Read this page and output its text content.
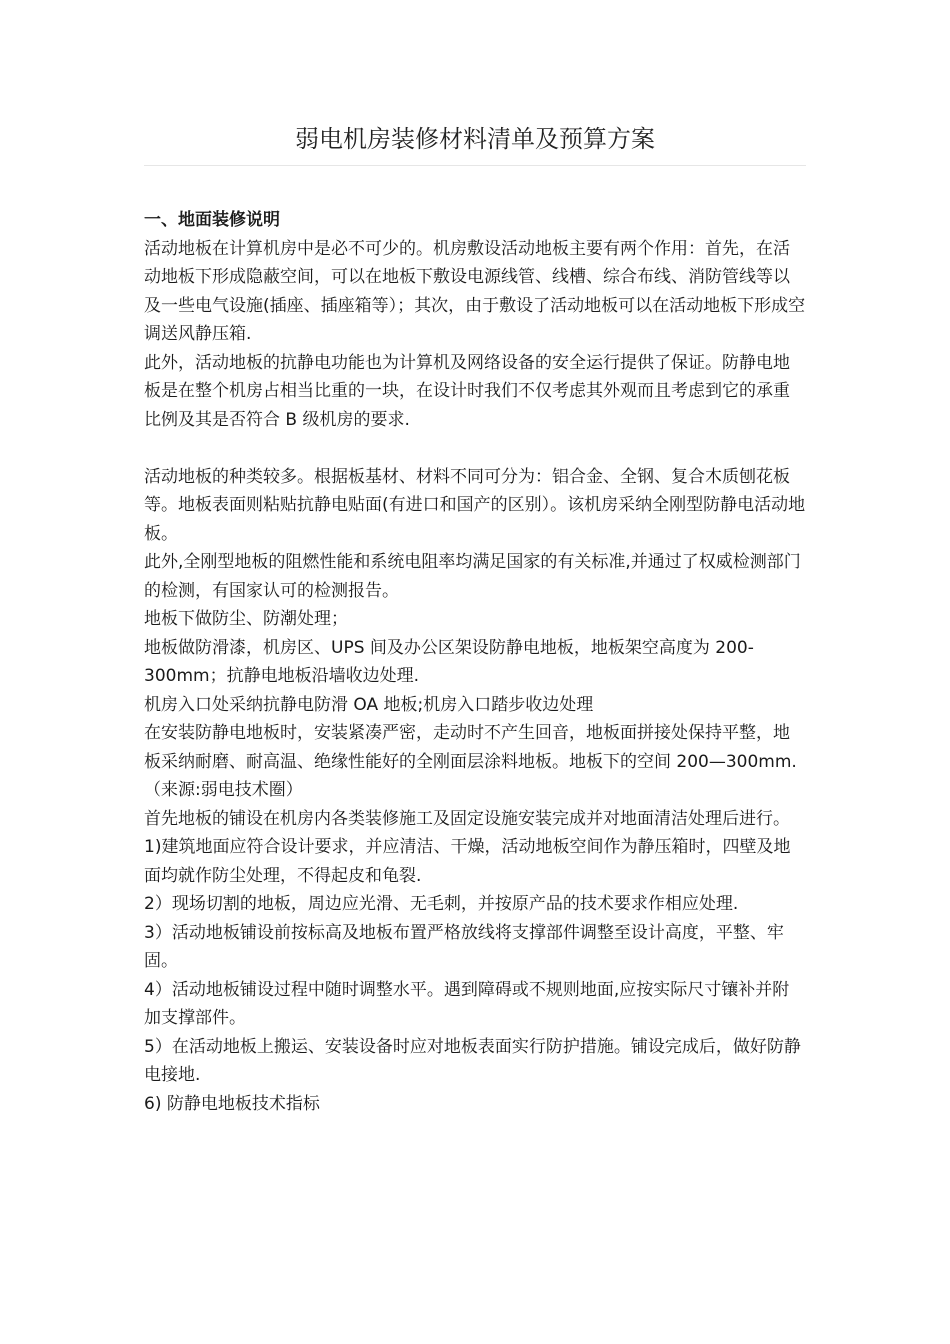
弱电机房装修材料清单及预算方案

一、地面装修说明

活动地板在计算机房中是必不可少的。机房敷设活动地板主要有两个作用：首先，在活动地板下形成隐蔽空间，可以在地板下敷设电源线管、线槽、综合布线、消防管线等以及一些电气设施(插座、插座箱等）；其次，由于敷设了活动地板可以在活动地板下形成空调送风静压箱.

此外，活动地板的抗静电功能也为计算机及网络设备的安全运行提供了保证。防静电地板是在整个机房占相当比重的一块，在设计时我们不仅考虑其外观而且考虑到它的承重比例及其是否符合 B 级机房的要求.

活动地板的种类较多。根据板基材、材料不同可分为：铝合金、全钢、复合木质刨花板等。地板表面则粘贴抗静电贴面(有进口和国产的区别）。该机房采纳全刚型防静电活动地板。

此外,全刚型地板的阻燃性能和系统电阻率均满足国家的有关标准,并通过了权威检测部门的检测，有国家认可的检测报告。

地板下做防尘、防潮处理；

地板做防滑漆，机房区、UPS 间及办公区架设防静电地板，地板架空高度为 200-300mm；抗静电地板沿墙收边处理.

机房入口处采纳抗静电防滑 OA 地板;机房入口踏步收边处理

在安装防静电地板时，安装紧凑严密，走动时不产生回音，地板面拼接处保持平整，地板采纳耐磨、耐高温、绝缘性能好的全刚面层涂料地板。地板下的空间 200—300mm.（来源:弱电技术圈）

首先地板的铺设在机房内各类装修施工及固定设施安装完成并对地面清洁处理后进行。

1)建筑地面应符合设计要求，并应清洁、干燥，活动地板空间作为静压箱时，四壁及地面均就作防尘处理，不得起皮和龟裂.

2）现场切割的地板，周边应光滑、无毛刺，并按原产品的技术要求作相应处理.

3）活动地板铺设前按标高及地板布置严格放线将支撑部件调整至设计高度，平整、牢固。

4）活动地板铺设过程中随时调整水平。遇到障碍或不规则地面,应按实际尺寸镶补并附加支撑部件。

5）在活动地板上搬运、安装设备时应对地板表面实行防护措施。铺设完成后，做好防静电接地.

6) 防静电地板技术指标
